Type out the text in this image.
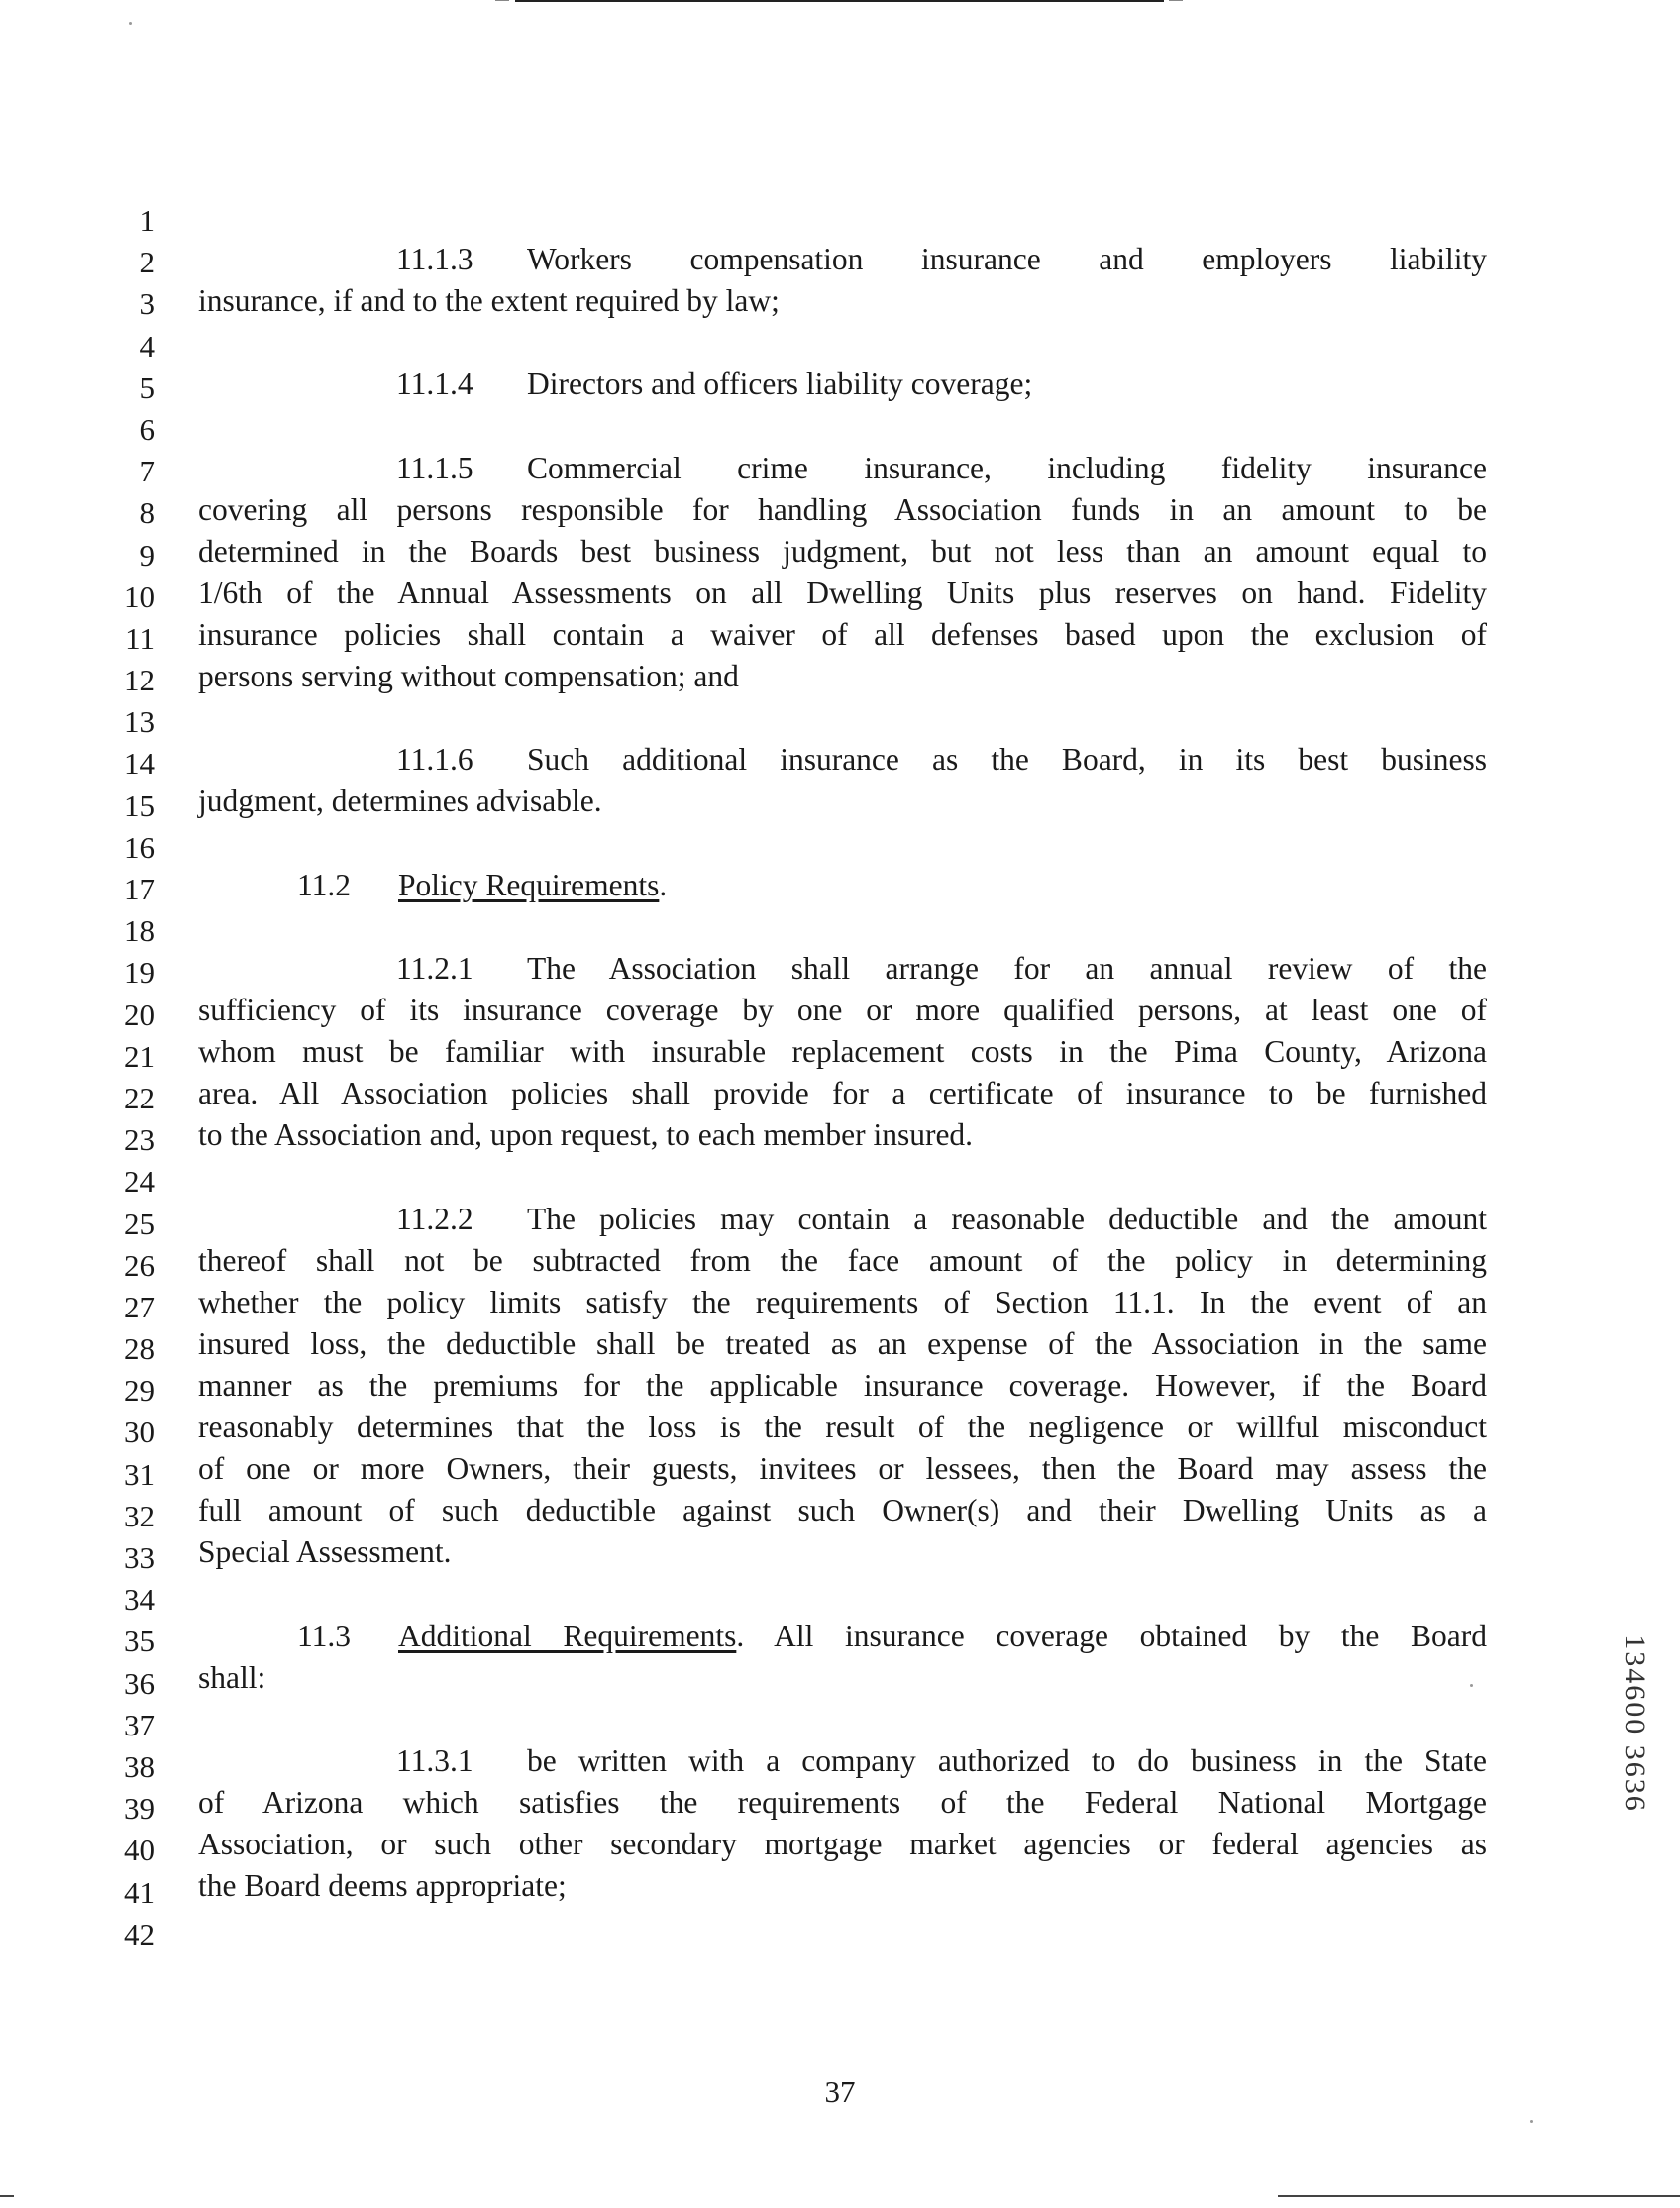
1
2
3
4
5
6
7
8
9
10
11
12
13
14
15
16
17
18
19
20
21
22
23
24
25
26
27
28
29
30
31
32
33
34
35
36
37
38
39
40
41
42
11.1.3 Workers compensation insurance and employers liability
insurance, if and to the extent required by law;
11.1.4 Directors and officers liability coverage;
11.1.5 Commercial crime insurance, including fidelity insurance
covering all persons responsible for handling Association funds in an amount to be
determined in the Boards best business judgment, but not less than an amount equal to
1/6th of the Annual Assessments on all Dwelling Units plus reserves on hand. Fidelity
insurance policies shall contain a waiver of all defenses based upon the exclusion of
persons serving without compensation; and
11.1.6 Such additional insurance as the Board, in its best business
judgment, determines advisable.
11.2 Policy Requirements.
11.2.1 The Association shall arrange for an annual review of the
sufficiency of its insurance coverage by one or more qualified persons, at least one of
whom must be familiar with insurable replacement costs in the Pima County, Arizona
area. All Association policies shall provide for a certificate of insurance to be furnished
to the Association and, upon request, to each member insured.
11.2.2 The policies may contain a reasonable deductible and the amount
thereof shall not be subtracted from the face amount of the policy in determining
whether the policy limits satisfy the requirements of Section 11.1. In the event of an
insured loss, the deductible shall be treated as an expense of the Association in the same
manner as the premiums for the applicable insurance coverage. However, if the Board
reasonably determines that the loss is the result of the negligence or willful misconduct
of one or more Owners, their guests, invitees or lessees, then the Board may assess the
full amount of such deductible against such Owner(s) and their Dwelling Units as a
Special Assessment.
11.3 Additional Requirements. All insurance coverage obtained by the Board
shall:
11.3.1 be written with a company authorized to do business in the State
of Arizona which satisfies the requirements of the Federal National Mortgage
Association, or such other secondary mortgage market agencies or federal agencies as
the Board deems appropriate;
134600 3636
37
